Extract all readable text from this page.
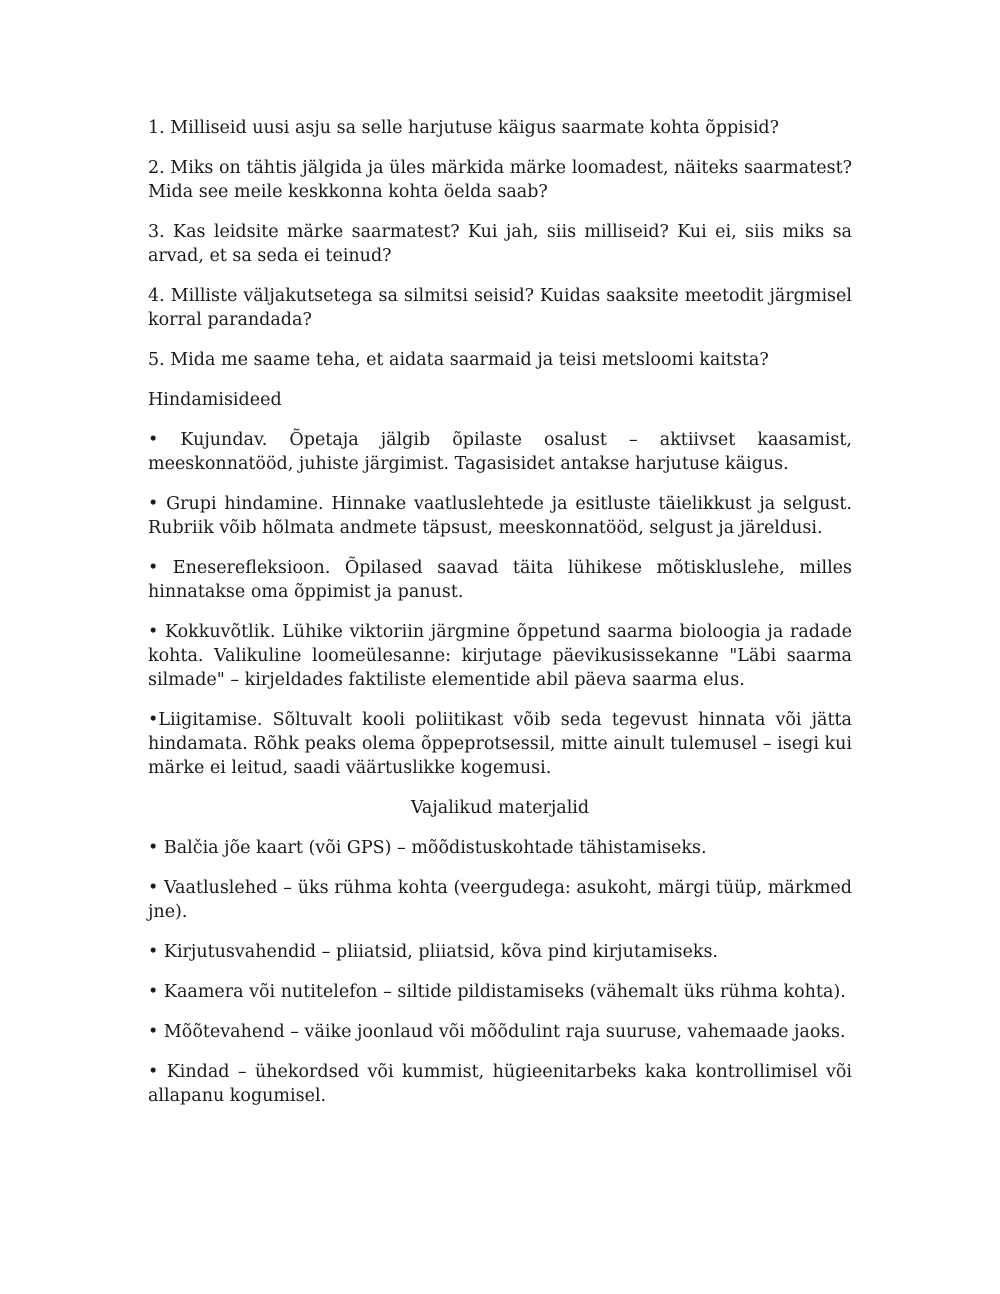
1. Milliseid uusi asju sa selle harjutuse käigus saarmate kohta õppisid?

2. Miks on tähtis jälgida ja üles märkida märke loomadest, näiteks saarmatest? Mida see meile keskkonna kohta öelda saab?

3. Kas leidsite märke saarmatest? Kui jah, siis milliseid? Kui ei, siis miks sa arvad, et sa seda ei teinud?

4. Milliste väljakutsetega sa silmitsi seisid? Kuidas saaksite meetodit järgmisel korral parandada?

5. Mida me saame teha, et aidata saarmaid ja teisi metsloomi kaitsta?

Hindamisideed

• Kujundav. Õpetaja jälgib õpilaste osalust – aktiivset kaasamist, meeskonnatööd, juhiste järgimist. Tagasisidet antakse harjutuse käigus.

• Grupi hindamine. Hinnake vaatluslehtede ja esitluste täielikkust ja selgust. Rubriik võib hõlmata andmete täpsust, meeskonnatööd, selgust ja järeldusi.

• Eneserefleksioon. Õpilased saavad täita lühikese mõtiskluslehe, milles hinnatakse oma õppimist ja panust.

• Kokkuvõtlik. Lühike viktoriin järgmine õppetund saarma bioloogia ja radade kohta. Valikuline loomeülesanne: kirjutage päevikusissekanne "Läbi saarma silmade" – kirjeldades faktiliste elementide abil päeva saarma elus.

•Liigitamise. Sõltuvalt kooli poliitikast võib seda tegevust hinnata või jätta hindamata. Rõhk peaks olema õppeprotsessil, mitte ainult tulemusel – isegi kui märke ei leitud, saadi väärtuslikke kogemusi.

Vajalikud materjalid

• Balčia jõe kaart (või GPS) – mõõdistuskohtade tähistamiseks.

• Vaatluslehed – üks rühma kohta (veergudega: asukoht, märgi tüüp, märkmed jne).

• Kirjutusvahendid – pliiatsid, pliiatsid, kõva pind kirjutamiseks.

• Kaamera või nutitelefon – siltide pildistamiseks (vähemalt üks rühma kohta).

• Mõõtevahend – väike joonlaud või mõõdulint raja suuruse, vahemaade jaoks.

• Kindad – ühekordsed või kummist, hügieenitarbeks kaka kontrollimisel või allapanu kogumisel.
